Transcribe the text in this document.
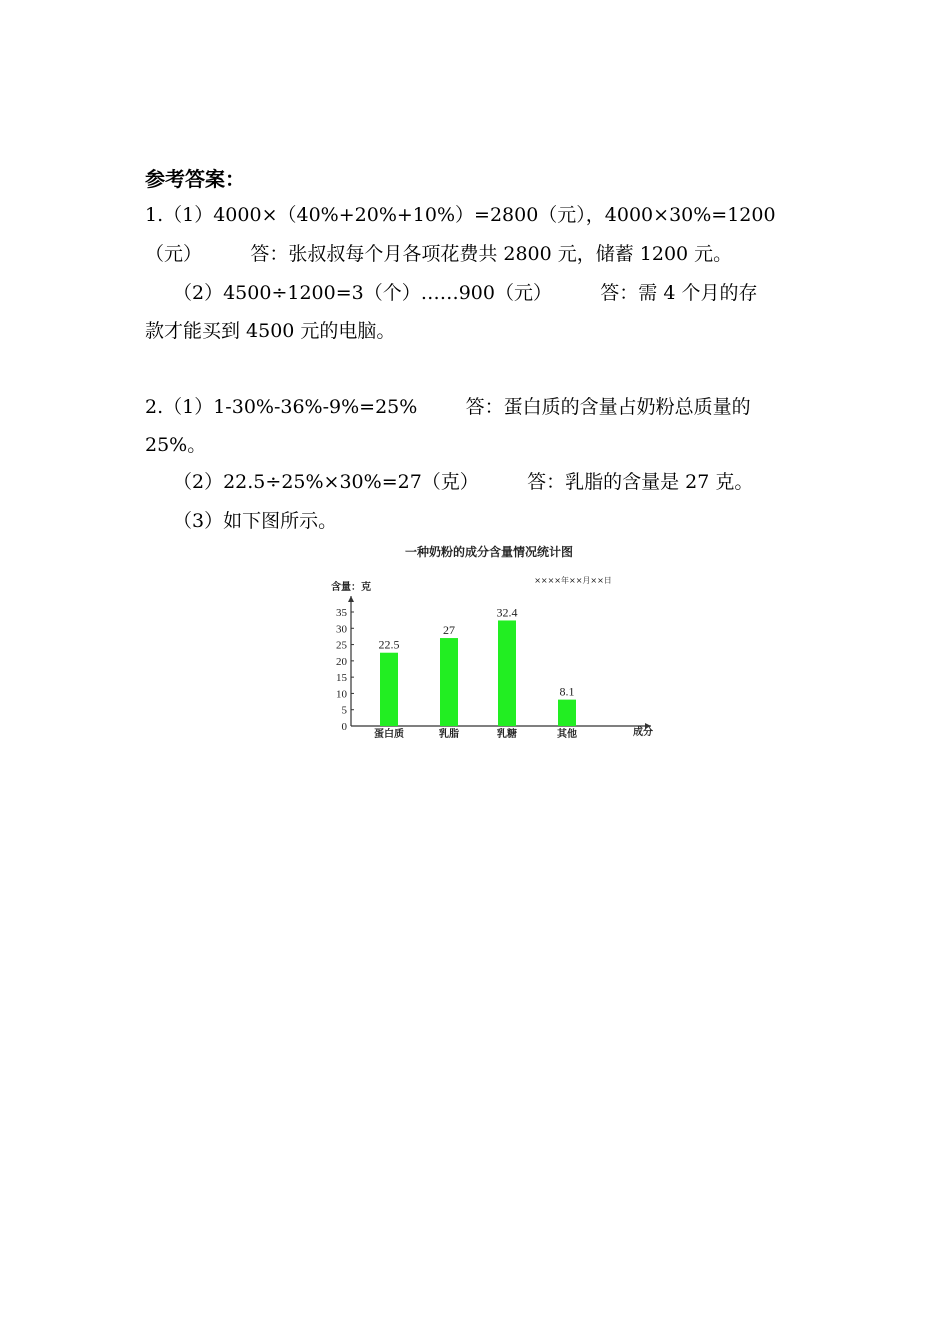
参考答案：
1.（1）4000×（40%+20%+10%）=2800（元），4000×30%=1200
（元）        答：张叔叔每个月各项花费共 2800 元，储蓄 1200 元。
（2）4500÷1200=3（个）……900（元）        答：需 4 个月的存
款才能买到 4500 元的电脑。
2.（1）1-30%-36%-9%=25%        答：蛋白质的含量占奶粉总质量的
25%。
（2）22.5÷25%×30%=27（克）        答：乳脂的含量是 27 克。
（3）如下图所示。
一种奶粉的成分含量情况统计图
含量：克
××××年××月××日
成分
0
5
10
15
20
25
30
35
22.5
27
32.4
8.1
蛋白质	乳脂	乳糖	其他
